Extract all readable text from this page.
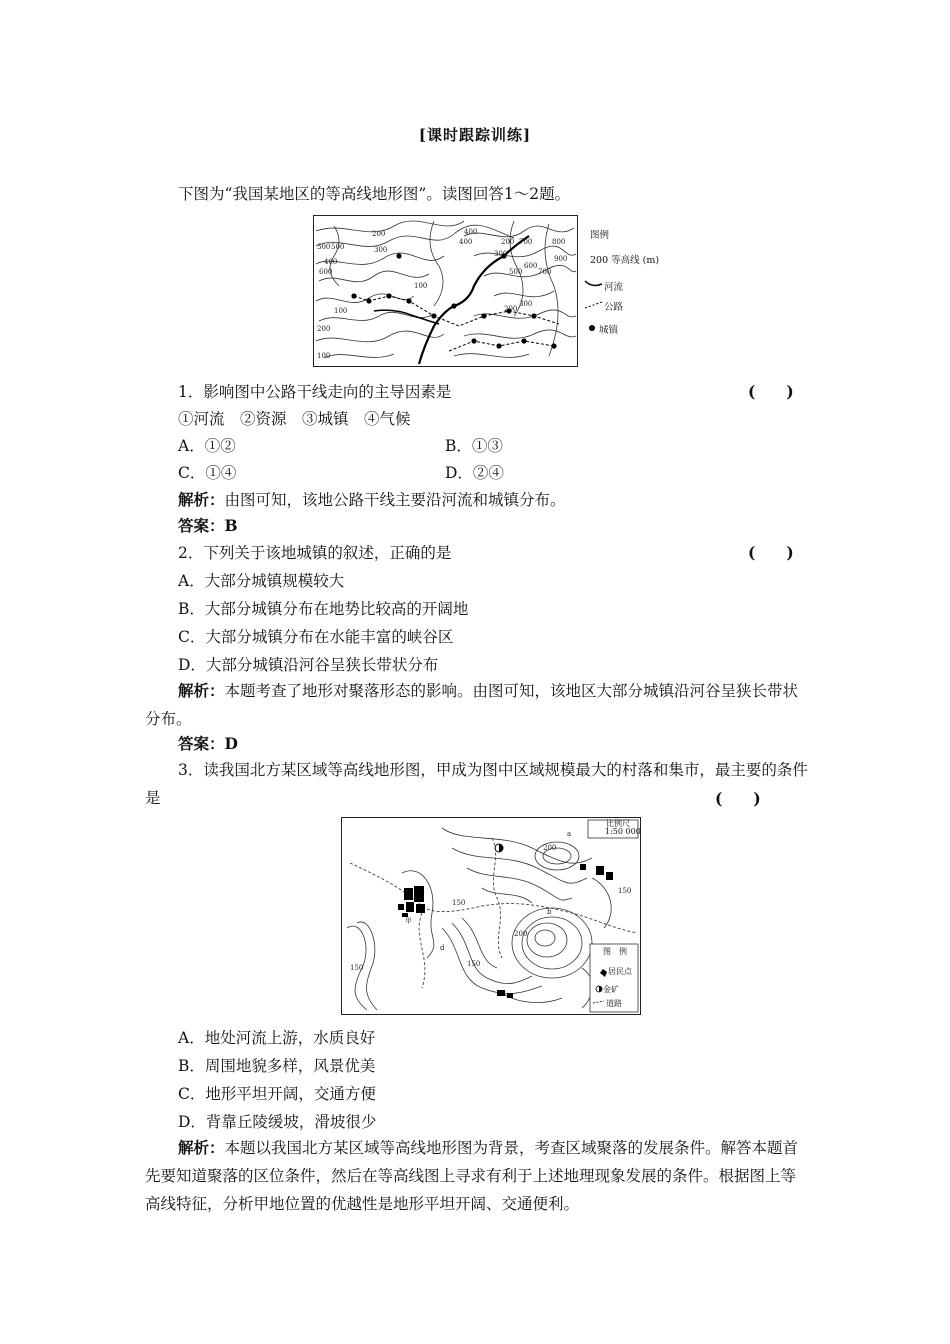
[课时跟踪训练]
下图为“我国某地区的等高线地形图”。读图回答1～2题。
300 500
200
400
600
300
400	200
300
400
900
600
700
500
800
700
100
100
200
300
200
100
图例
200 等高线 (m)
河流
公路
城镇
1．影响图中公路干线走向的主导因素是	(　　)
①河流　②资源　③城镇　④气候
A．①②	B．①③
C．①④	D．②④
解析：由图可知，该地公路干线主要沿河流和城镇分布。
答案：B
2．下列关于该地城镇的叙述，正确的是	(　　)
A．大部分城镇规模较大
B．大部分城镇分布在地势比较高的开阔地
C．大部分城镇分布在水能丰富的峡谷区
D．大部分城镇沿河谷呈狭长带状分布
解析：本题考查了地形对聚落形态的影响。由图可知，该地区大部分城镇沿河谷呈狭长带状分布。
答案：D
3．读我国北方某区域等高线地形图，甲成为图中区域规模最大的村落和集市，最主要的条件是	(　　)
200
150
150
200
150
150
a
b
d
甲
比例尺
1:50 000
图　例
居民点
金矿
道路
A．地处河流上游，水质良好
B．周围地貌多样，风景优美
C．地形平坦开阔，交通方便
D．背靠丘陵缓坡，滑坡很少
解析：本题以我国北方某区域等高线地形图为背景，考查区域聚落的发展条件。解答本题首先要知道聚落的区位条件，然后在等高线图上寻求有利于上述地理现象发展的条件。根据图上等高线特征，分析甲地位置的优越性是地形平坦开阔、交通便利。
